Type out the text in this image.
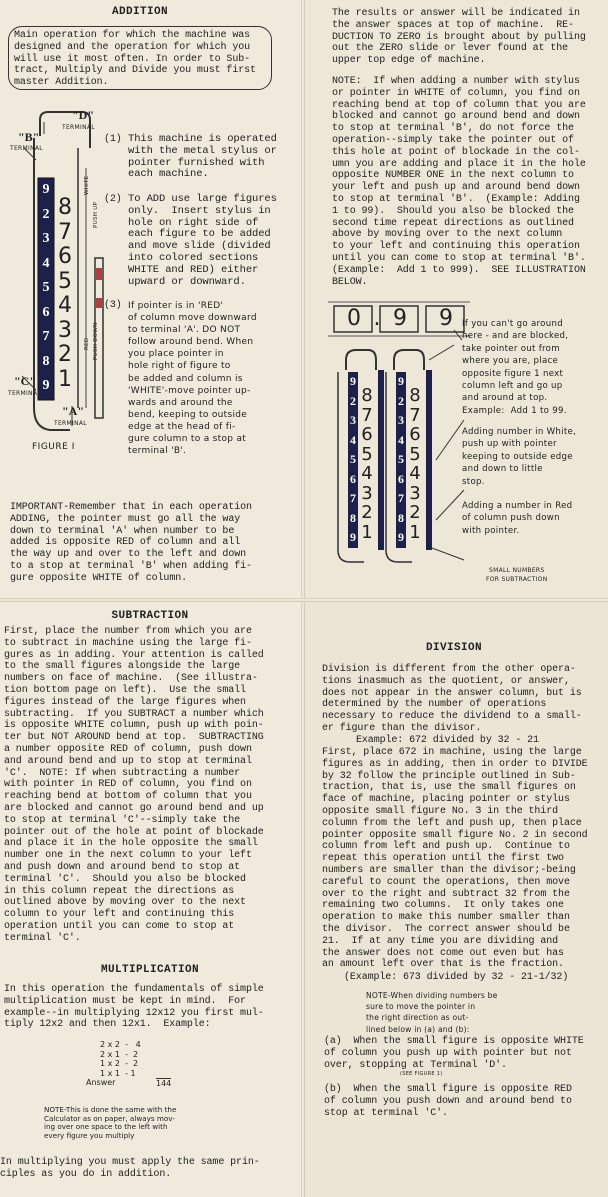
ADDITION
Main operation for which the machine was
designed and the operation for which you
will use it most often. In order to Sub-
tract, Multiply and Divide you must first
master Addition.
"D"
TERMINAL
"B"
TERMINAL
"C"
TERMINAL
"A"
TERMINAL
WHITE
PUSH UP
RED PUSH DOWN
9
2
3
4
5
6
7
8
9
8
7
6
5
4
3
2
1
(1) This machine is operated
with the metal stylus or
pointer furnished with
each machine.
(2) To ADD use large figures
only.  Insert stylus in
hole on right side of
each figure to be added
and move slide (divided
into colored sections
WHITE and RED) either
upward or downward.
(3) If pointer is in 'RED'
of column move downward
to terminal 'A'. DO NOT
follow around bend. When
you place pointer in
hole right of figure to
be added and column is
'WHITE'-move pointer up-
wards and around the
bend, keeping to outside
edge at the head of fi-
gure column to a stop at
terminal 'B'.
FIGURE I
IMPORTANT-Remember that in each operation
ADDING, the pointer must go all the way
down to terminal 'A' when number to be
added is opposite RED of column and all
the way up and over to the left and down
to a stop at terminal 'B' when adding fi-
gure opposite WHITE of column.
The results or answer will be indicated in
the answer spaces at top of machine.  RE-
DUCTION TO ZERO is brought about by pulling
out the ZERO slide or lever found at the
upper top edge of machine.
NOTE:  If when adding a number with stylus
or pointer in WHITE of column, you find on
reaching bend at top of column that you are
blocked and cannot go around bend and down
to stop at terminal 'B', do not force the
operation--simply take the pointer out of
this hole at point of blockade in the col-
umn you are adding and place it in the hole
opposite NUMBER ONE in the next column to
your left and push up and around bend down
to stop at terminal 'B'.  (Example: Adding
1 to 99).  Should you also be blocked the
second time repeat directions as outlined
above by moving over to the next column
to your left and continuing this operation
until you can come to stop at terminal 'B'.
(Example:  Add 1 to 999).  SEE ILLUSTRATION
BELOW.
0 . 9	9
9
2
3
4
5
6
7
8
9
8
7
6
5
4
3
2
1
9
2
3
4
5
6
7
8
9
8
7
6
5
4
3
2
1
If you can't go around
here - and are blocked,
take pointer out from
where you are, place
opposite figure 1 next
column left and go up
and around at top.
Example:  Add 1 to 99.
Adding number in White,
push up with pointer
keeping to outside edge
and down to little
stop.
Adding a number in Red
of column push down
with pointer.
SMALL NUMBERS
FOR SUBTRACTION
SUBTRACTION
First, place the number from which you are
to subtract in machine using the large fi-
gures as in adding. Your attention is called
to the small figures alongside the large
numbers on face of machine.  (See illustra-
tion bottom page on left).  Use the small
figures instead of the large figures when
subtracting.  If you SUBTRACT a number which
is opposite WHITE column, push up with poin-
ter but NOT AROUND bend at top.  SUBTRACTING
a number opposite RED of column, push down
and around bend and up to stop at terminal
'C'.  NOTE: If when subtracting a number
with pointer in RED of column, you find on
reaching bend at bottom of column that you
are blocked and cannot go around bend and up
to stop at terminal 'C'--simply take the
pointer out of the hole at point of blockade
and place it in the hole opposite the small
number one in the next column to your left
and push down and around bend to stop at
terminal 'C'.  Should you also be blocked
in this column repeat the directions as
outlined above by moving over to the next
column to your left and continuing this
operation until you can come to stop at
terminal 'C'.
MULTIPLICATION
In this operation the fundamentals of simple
multiplication must be kept in mind.  For
example--in multiplying 12x12 you first mul-
tiply 12x2 and then 12x1.  Example:
2 x 2  -   4
2 x 1  -  2
1 x 2  -  2
1 x 1  - 1
Answer	144
NOTE-This is done the same with the
Calculator as on paper, always mov-
ing over one space to the left with
every figure you multiply
In multiplying you must apply the same prin-
ciples as you do in addition.
DIVISION
Division is different from the other opera-
tions inasmuch as the quotient, or answer,
does not appear in the answer column, but is
determined by the number of operations
necessary to reduce the dividend to a small-
er figure than the divisor.
Example: 672 divided by 32 - 21
First, place 672 in machine, using the large
figures as in adding, then in order to DIVIDE
by 32 follow the principle outlined in Sub-
traction, that is, use the small figures on
face of machine, placing pointer or stylus
opposite small figure No. 3 in the third
column from the left and push up, then place
pointer opposite small figure No. 2 in second
column from left and push up.  Continue to
repeat this operation until the first two
numbers are smaller than the divisor;-being
careful to count the operations, then move
over to the right and subtract 32 from the
remaining two columns.  It only takes one
operation to make this number smaller than
the divisor.  The correct answer should be
21.  If at any time you are dividing and
the answer does not come out even but has
an amount left over that is the fraction.
(Example: 673 divided by 32 - 21-1/32)
NOTE-When dividing numbers be
sure to move the pointer in
the right direction as out-
lined below in (a) and (b):
(a)  When the small figure is opposite WHITE
of column you push up with pointer but not
over, stopping at Terminal 'D'.
(SEE FIGURE 1)
(b)  When the small figure is opposite RED
of column you push down and around bend to
stop at terminal 'C'.
